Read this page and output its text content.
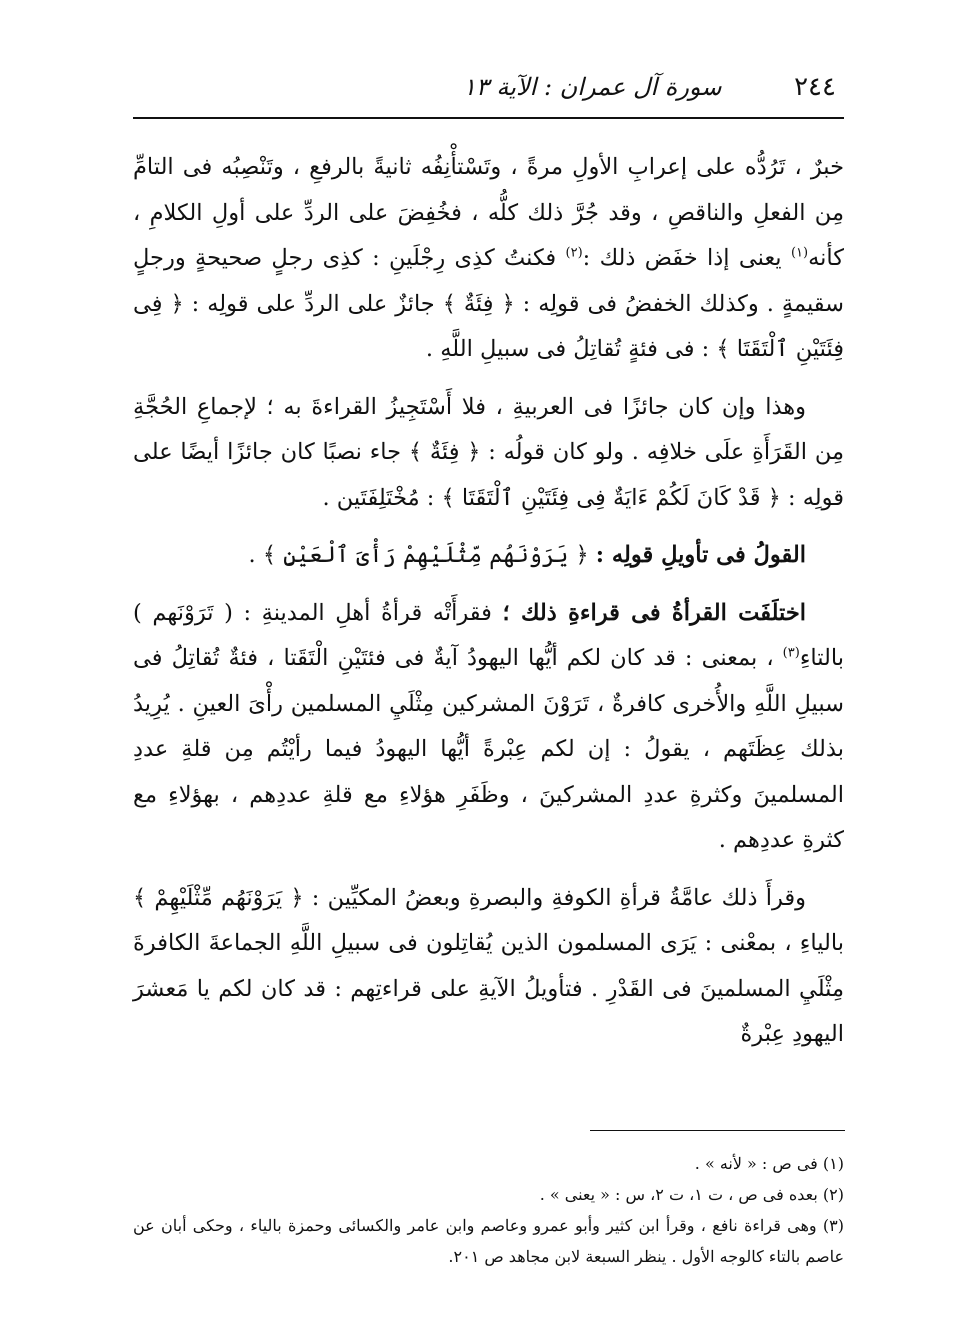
٢٤٤
سورة آل عمران : الآية ١٣

خبرٌ ، تَرُدُّه على إعرابِ الأولِ مرةً ، وتَسْتأْنِفُه ثانيةً بالرفعِ ، وتَنْصِبُه فى التامِّ مِن الفعلِ والناقصِ ، وقد جُرَّ ذلك كلُّه ، فخُفِضَ على الردِّ على أولِ الكلامِ ، كأنه$^{(١)}$ يعنى إذا خفَض ذلك :$^{(٢)}$ فكنتُ كذِى رِجْلَينِ : كذِى رجلٍ صحيحةٍ ورجلٍ سقيمةٍ . وكذلك الخفضُ فى قولِه : ﴿ فِئَةٌ ﴾ جائزٌ على الردِّ على قولِه : ﴿ فِى فِئَتَيْنِ ٱلْتَقَتَا ﴾ : فى فئةٍ تُقاتِلُ فى سبيلِ اللَّهِ .

وهذا وإن كان جائزًا فى العربيةِ ، فلا أَسْتَجِيزُ القراءةَ به ؛ لإجماعِ الحُجَّةِ مِن القَرَأَةِ علَى خلافِه . ولو كان قولُه : ﴿ فِئَةٌ ﴾ جاء نصبًا كان جائزًا أيضًا على قولِه : ﴿ قَدْ كَانَ لَكُمْ ءَايَةٌ فِى فِئَتَيْنِ ٱلْتَقَتَا ﴾ : مُخْتَلِفَتَين .

القولُ فى تأويلِ قولِه : ﴿ يَرَوْنَهُم مِّثْلَيْهِمْ رَأْىَ ٱلْعَيْنِ ﴾ .

اختلَفَت القرأةُ فى قراءةِ ذلك ؛ فقرأَتْه قرأةُ أهلِ المدينةِ : ( تَرَوْنَهم ) بالتاءِ$^{(٣)}$ ، بمعنى : قد كان لكم أيُّها اليهودُ آيةٌ فى فئتَيْنِ الْتَقَتا ، فئةٌ تُقاتِلُ فى سبيلِ اللَّهِ والأُخرى كافرةٌ ، تَرَوْنَ المشركين مِثْلَيِ المسلمين رأْىَ العينِ . يُرِيدُ بذلك عِظَتَهم ، يقولُ : إن لكم عِبْرةً أيُّها اليهودُ فيما رأيْتُم مِن قلةِ عددِ المسلمينَ وكثرةِ عددِ المشركينَ ، وظَفَرِ هؤلاءِ مع قلةِ عددِهم ، بهؤلاءِ مع كثرةِ عددِهم .

وقرأَ ذلك عامَّةُ قرأةِ الكوفةِ والبصرةِ وبعضُ المكيِّين : ﴿ يَرَوْنَهُم مِّثْلَيْهِمْ ﴾ بالياءِ ، بمعْنى : يَرَى المسلمون الذين يُقاتِلون فى سبيلِ اللَّهِ الجماعةَ الكافرةَ مِثْلَيِ المسلمينَ فى القَدْرِ . فتأويلُ الآيةِ على قراءتِهم : قد كان لكم يا مَعشرَ اليهودِ عِبْرةٌ

(١) فى ص : « لأنه » .

(٢) بعده فى ص ، ت ١، ت ٢، س : « يعنى » .

(٣) وهى قراءة نافع ، وقرأ ابن كثير وأبو عمرو وعاصم وابن عامر والكسائى وحمزة بالياء ، وحكى أبان عن عاصم بالتاء كالوجه الأول . ينظر السبعة لابن مجاهد ص ٢٠١.
